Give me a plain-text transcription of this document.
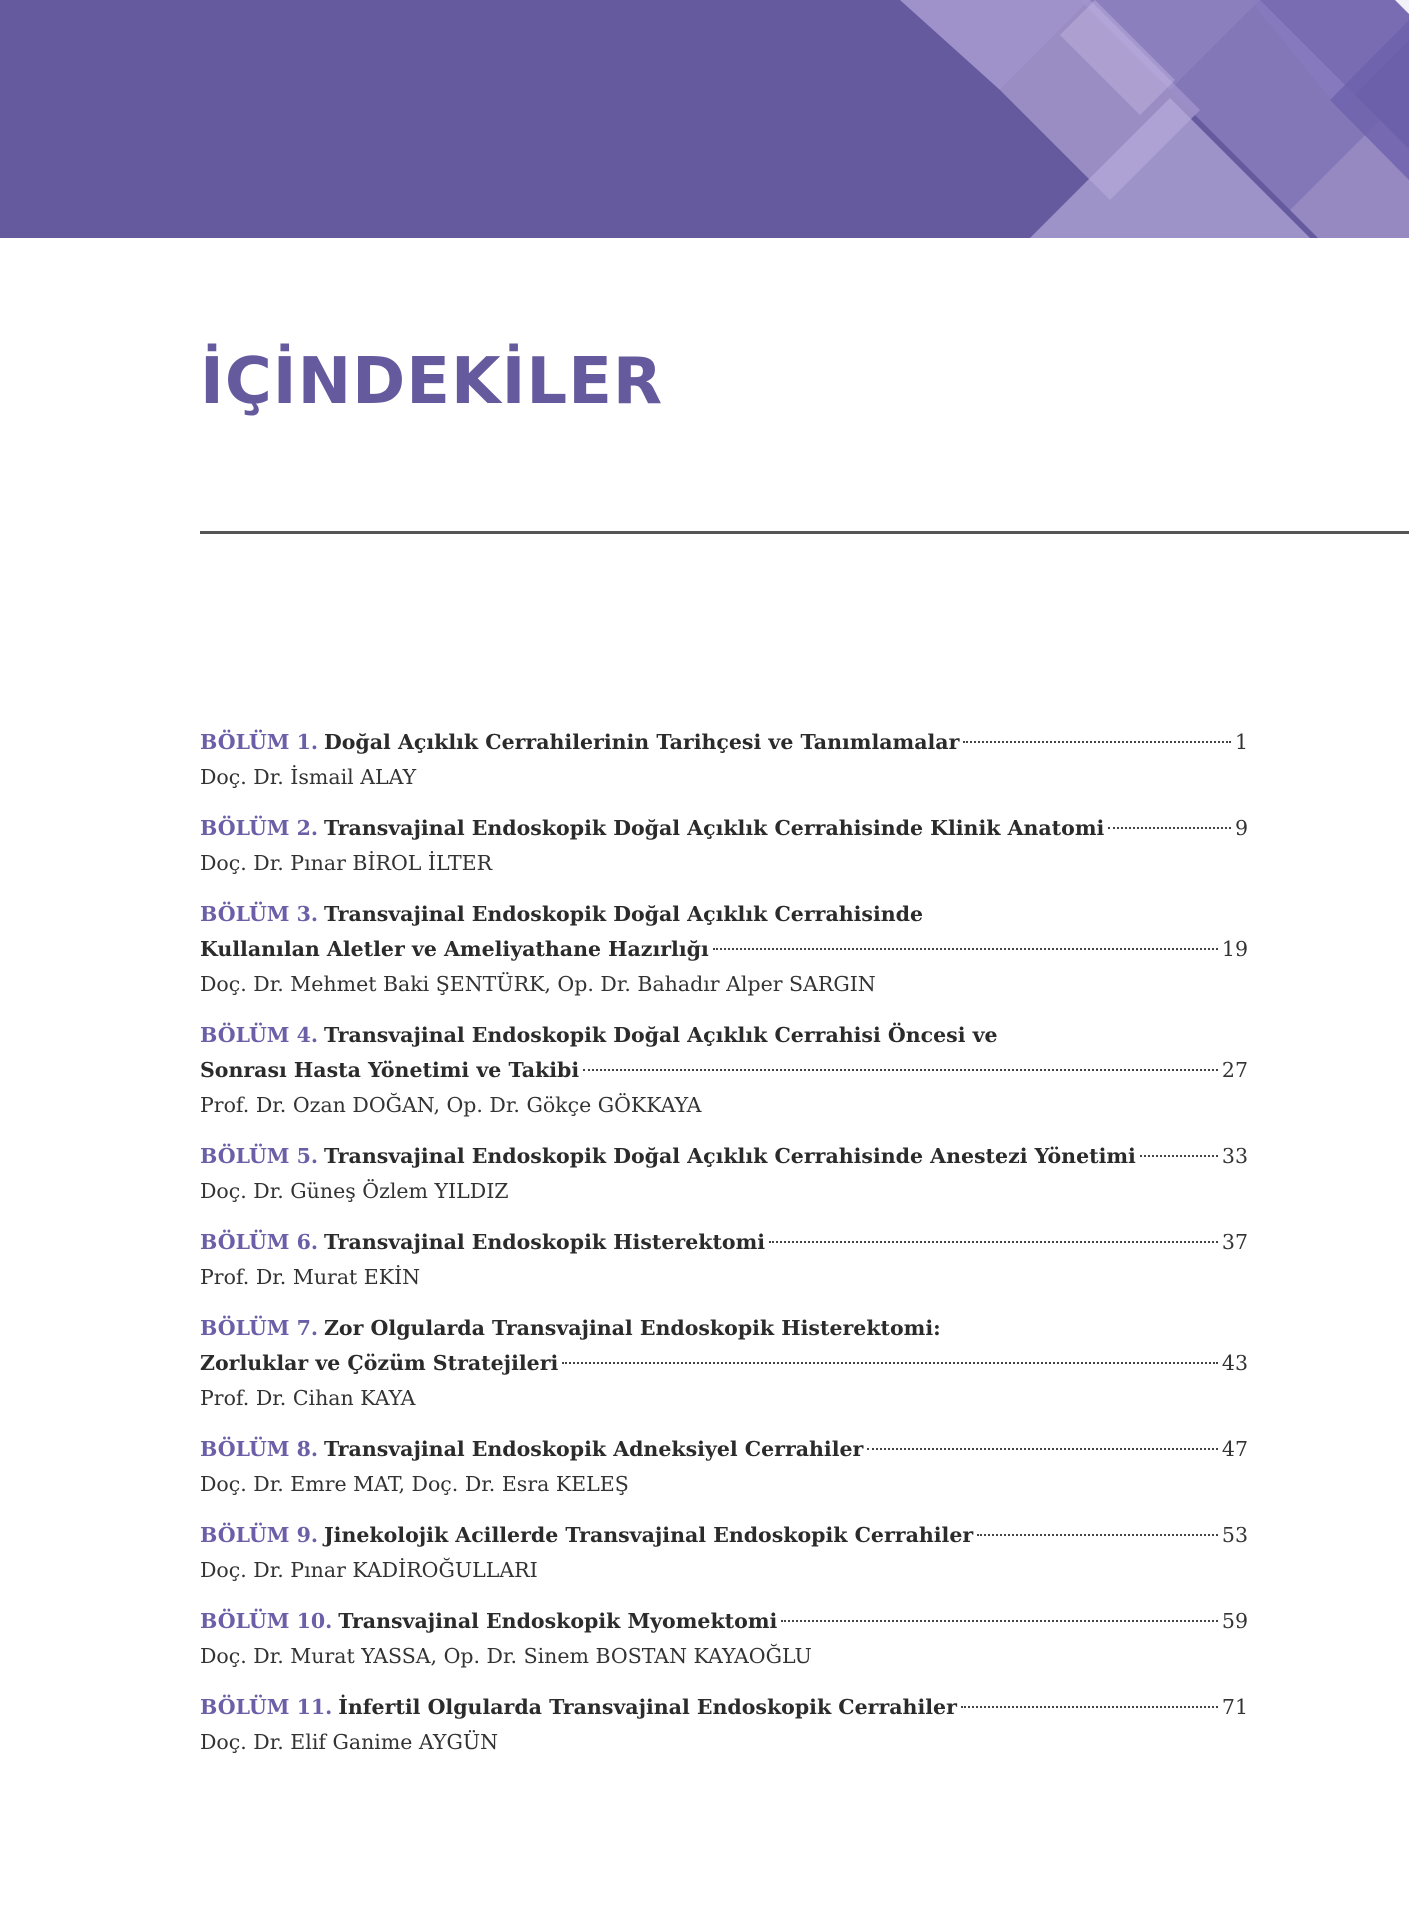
İÇİNDEKİLER
BÖLÜM 1. Doğal Açıklık Cerrahilerinin Tarihçesi ve Tanımlamalar	1
Doç. Dr. İsmail ALAY
BÖLÜM 2. Transvajinal Endoskopik Doğal Açıklık Cerrahisinde Klinik Anatomi	9
Doç. Dr. Pınar BİROL İLTER
BÖLÜM 3. Transvajinal Endoskopik Doğal Açıklık Cerrahisinde
Kullanılan Aletler ve Ameliyathane Hazırlığı	19
Doç. Dr. Mehmet Baki ŞENTÜRK, Op. Dr. Bahadır Alper SARGIN
BÖLÜM 4. Transvajinal Endoskopik Doğal Açıklık Cerrahisi Öncesi ve
Sonrası Hasta Yönetimi ve Takibi	27
Prof. Dr. Ozan DOĞAN, Op. Dr. Gökçe GÖKKAYA
BÖLÜM 5. Transvajinal Endoskopik Doğal Açıklık Cerrahisinde Anestezi Yönetimi	33
Doç. Dr. Güneş Özlem YILDIZ
BÖLÜM 6. Transvajinal Endoskopik Histerektomi	37
Prof. Dr. Murat EKİN
BÖLÜM 7. Zor Olgularda Transvajinal Endoskopik Histerektomi:
Zorluklar ve Çözüm Stratejileri	43
Prof. Dr. Cihan KAYA
BÖLÜM 8. Transvajinal Endoskopik Adneksiyel Cerrahiler	47
Doç. Dr. Emre MAT, Doç. Dr. Esra KELEŞ
BÖLÜM 9. Jinekolojik Acillerde Transvajinal Endoskopik Cerrahiler	53
Doç. Dr. Pınar KADİROĞULLARI
BÖLÜM 10. Transvajinal Endoskopik Myomektomi	59
Doç. Dr. Murat YASSA, Op. Dr. Sinem BOSTAN KAYAOĞLU
BÖLÜM 11. İnfertil Olgularda Transvajinal Endoskopik Cerrahiler	71
Doç. Dr. Elif Ganime AYGÜN
